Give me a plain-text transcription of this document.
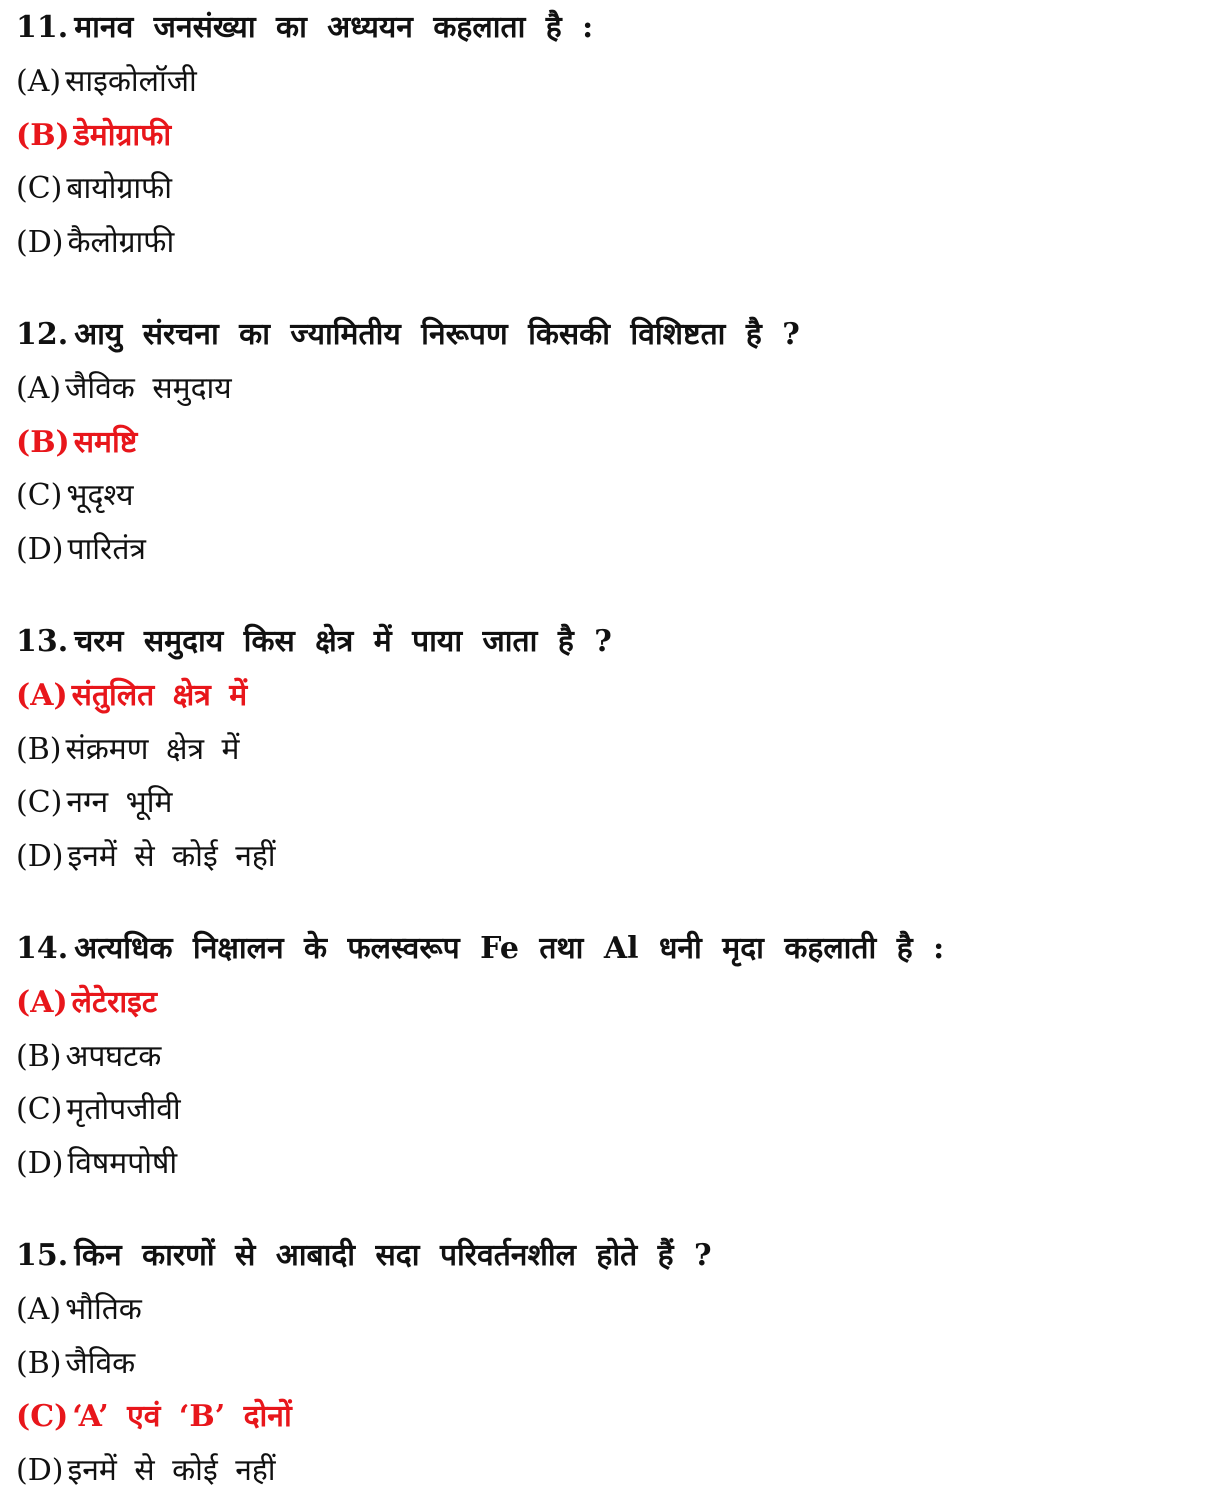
11. मानव जनसंख्या का अध्ययन कहलाता है :
(A) साइकोलॉजी
(B) डेमोग्राफी
(C) बायोग्राफी
(D) कैलोग्राफी
12. आयु संरचना का ज्यामितीय निरूपण किसकी विशिष्टता है ?
(A) जैविक समुदाय
(B) समष्टि
(C) भूदृश्य
(D) पारितंत्र
13. चरम समुदाय किस क्षेत्र में पाया जाता है ?
(A) संतुलित क्षेत्र में
(B) संक्रमण क्षेत्र में
(C) नग्न भूमि
(D) इनमें से कोई नहीं
14. अत्यधिक निक्षालन के फलस्वरूप Fe तथा Al धनी मृदा कहलाती है :
(A) लेटेराइट
(B) अपघटक
(C) मृतोपजीवी
(D) विषमपोषी
15. किन कारणों से आबादी सदा परिवर्तनशील होते हैं ?
(A) भौतिक
(B) जैविक
(C) ‘A’ एवं ‘B’ दोनों
(D) इनमें से कोई नहीं
